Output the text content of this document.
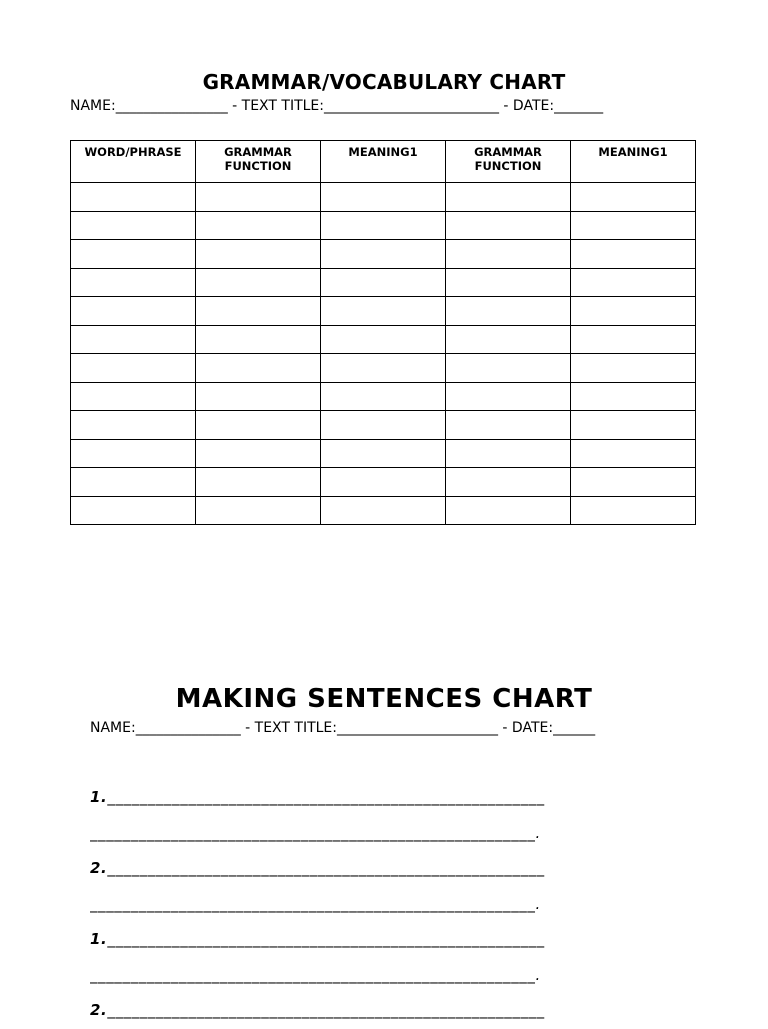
GRAMMAR/VOCABULARY CHART
NAME:________________ - TEXT TITLE:_________________________ - DATE:_______
WORD/PHRASE	GRAMMAR FUNCTION	MEANING1	GRAMMAR FUNCTION	MEANING1

MAKING SENTENCES CHART
NAME:_______________ - TEXT TITLE:_______________________ - DATE:______
1.______________________________________________________
_______________________________________________________.
2.______________________________________________________
_______________________________________________________.
1.______________________________________________________
_______________________________________________________.
2.______________________________________________________
